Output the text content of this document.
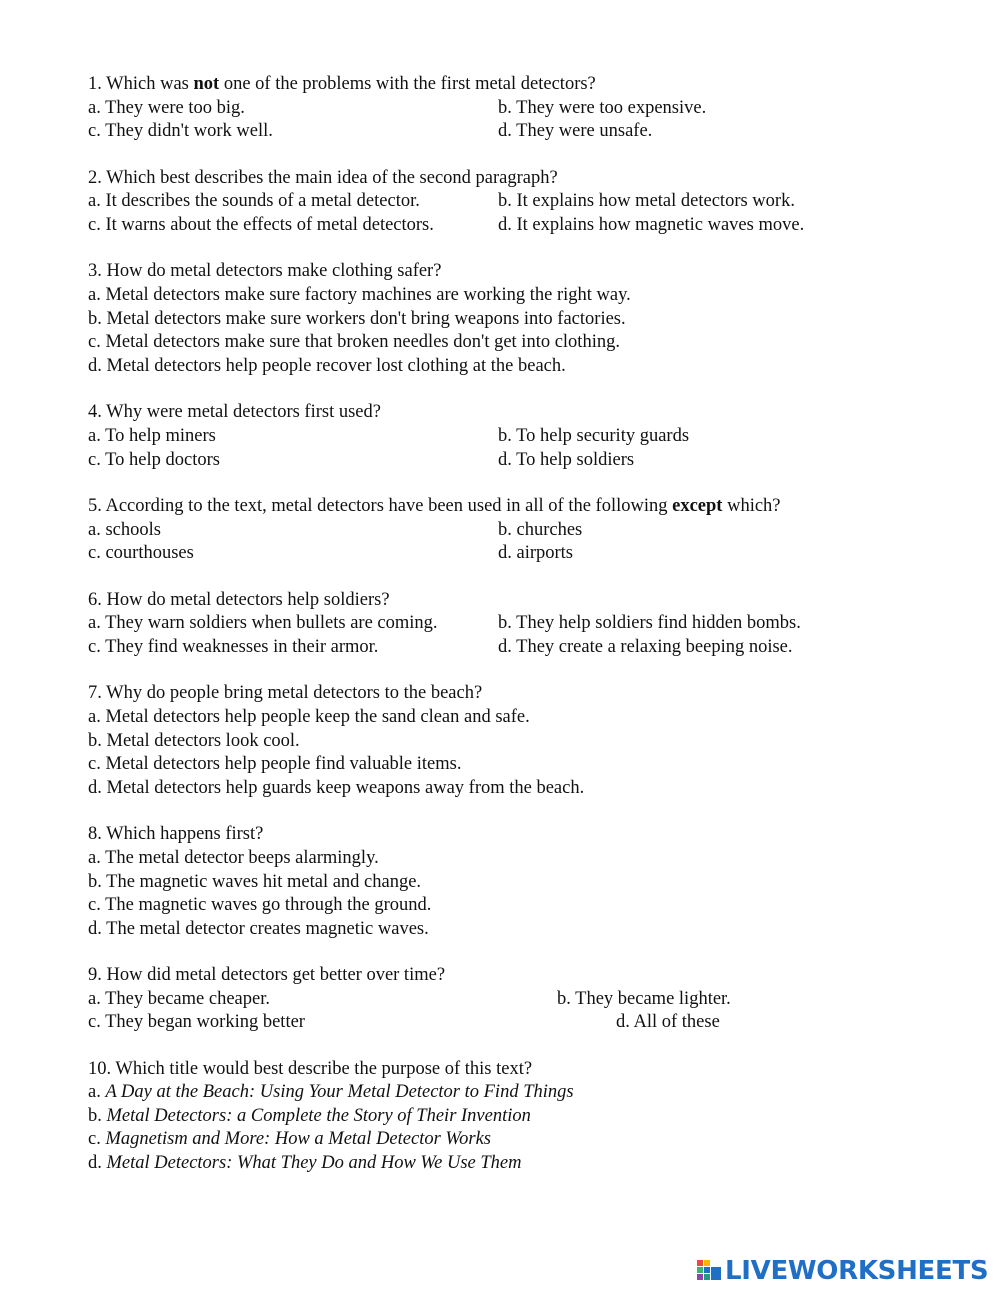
1. Which was not one of the problems with the first metal detectors?

a. They were too big.	b. They were too expensive.
c. They didn't work well.	d. They were unsafe.

2. Which best describes the main idea of the second paragraph?

a. It describes the sounds of a metal detector.	b. It explains how metal detectors work.
c. It warns about the effects of metal detectors.	d. It explains how magnetic waves move.

3. How do metal detectors make clothing safer?

a. Metal detectors make sure factory machines are working the right way.

b. Metal detectors make sure workers don't bring weapons into factories.

c. Metal detectors make sure that broken needles don't get into clothing.

d. Metal detectors help people recover lost clothing at the beach.

4. Why were metal detectors first used?

a. To help miners	b. To help security guards
c. To help doctors	d. To help soldiers

5. According to the text, metal detectors have been used in all of the following except which?

a. schools	b. churches
c. courthouses	d. airports

6. How do metal detectors help soldiers?

a. They warn soldiers when bullets are coming.	b. They help soldiers find hidden bombs.
c. They find weaknesses in their armor.	d. They create a relaxing beeping noise.

7. Why do people bring metal detectors to the beach?

a. Metal detectors help people keep the sand clean and safe.

b. Metal detectors look cool.

c. Metal detectors help people find valuable items.

d. Metal detectors help guards keep weapons away from the beach.

8. Which happens first?

a. The metal detector beeps alarmingly.

b. The magnetic waves hit metal and change.

c. The magnetic waves go through the ground.

d. The metal detector creates magnetic waves.

9. How did metal detectors get better over time?

a. They became cheaper.	b. They became lighter.
c. They began working better	d. All of these

10. Which title would best describe the purpose of this text?

a. A Day at the Beach: Using Your Metal Detector to Find Things

b. Metal Detectors: a Complete the Story of Their Invention

c. Magnetism and More: How a Metal Detector Works

d. Metal Detectors: What They Do and How We Use Them

LIVEWORKSHEETS
